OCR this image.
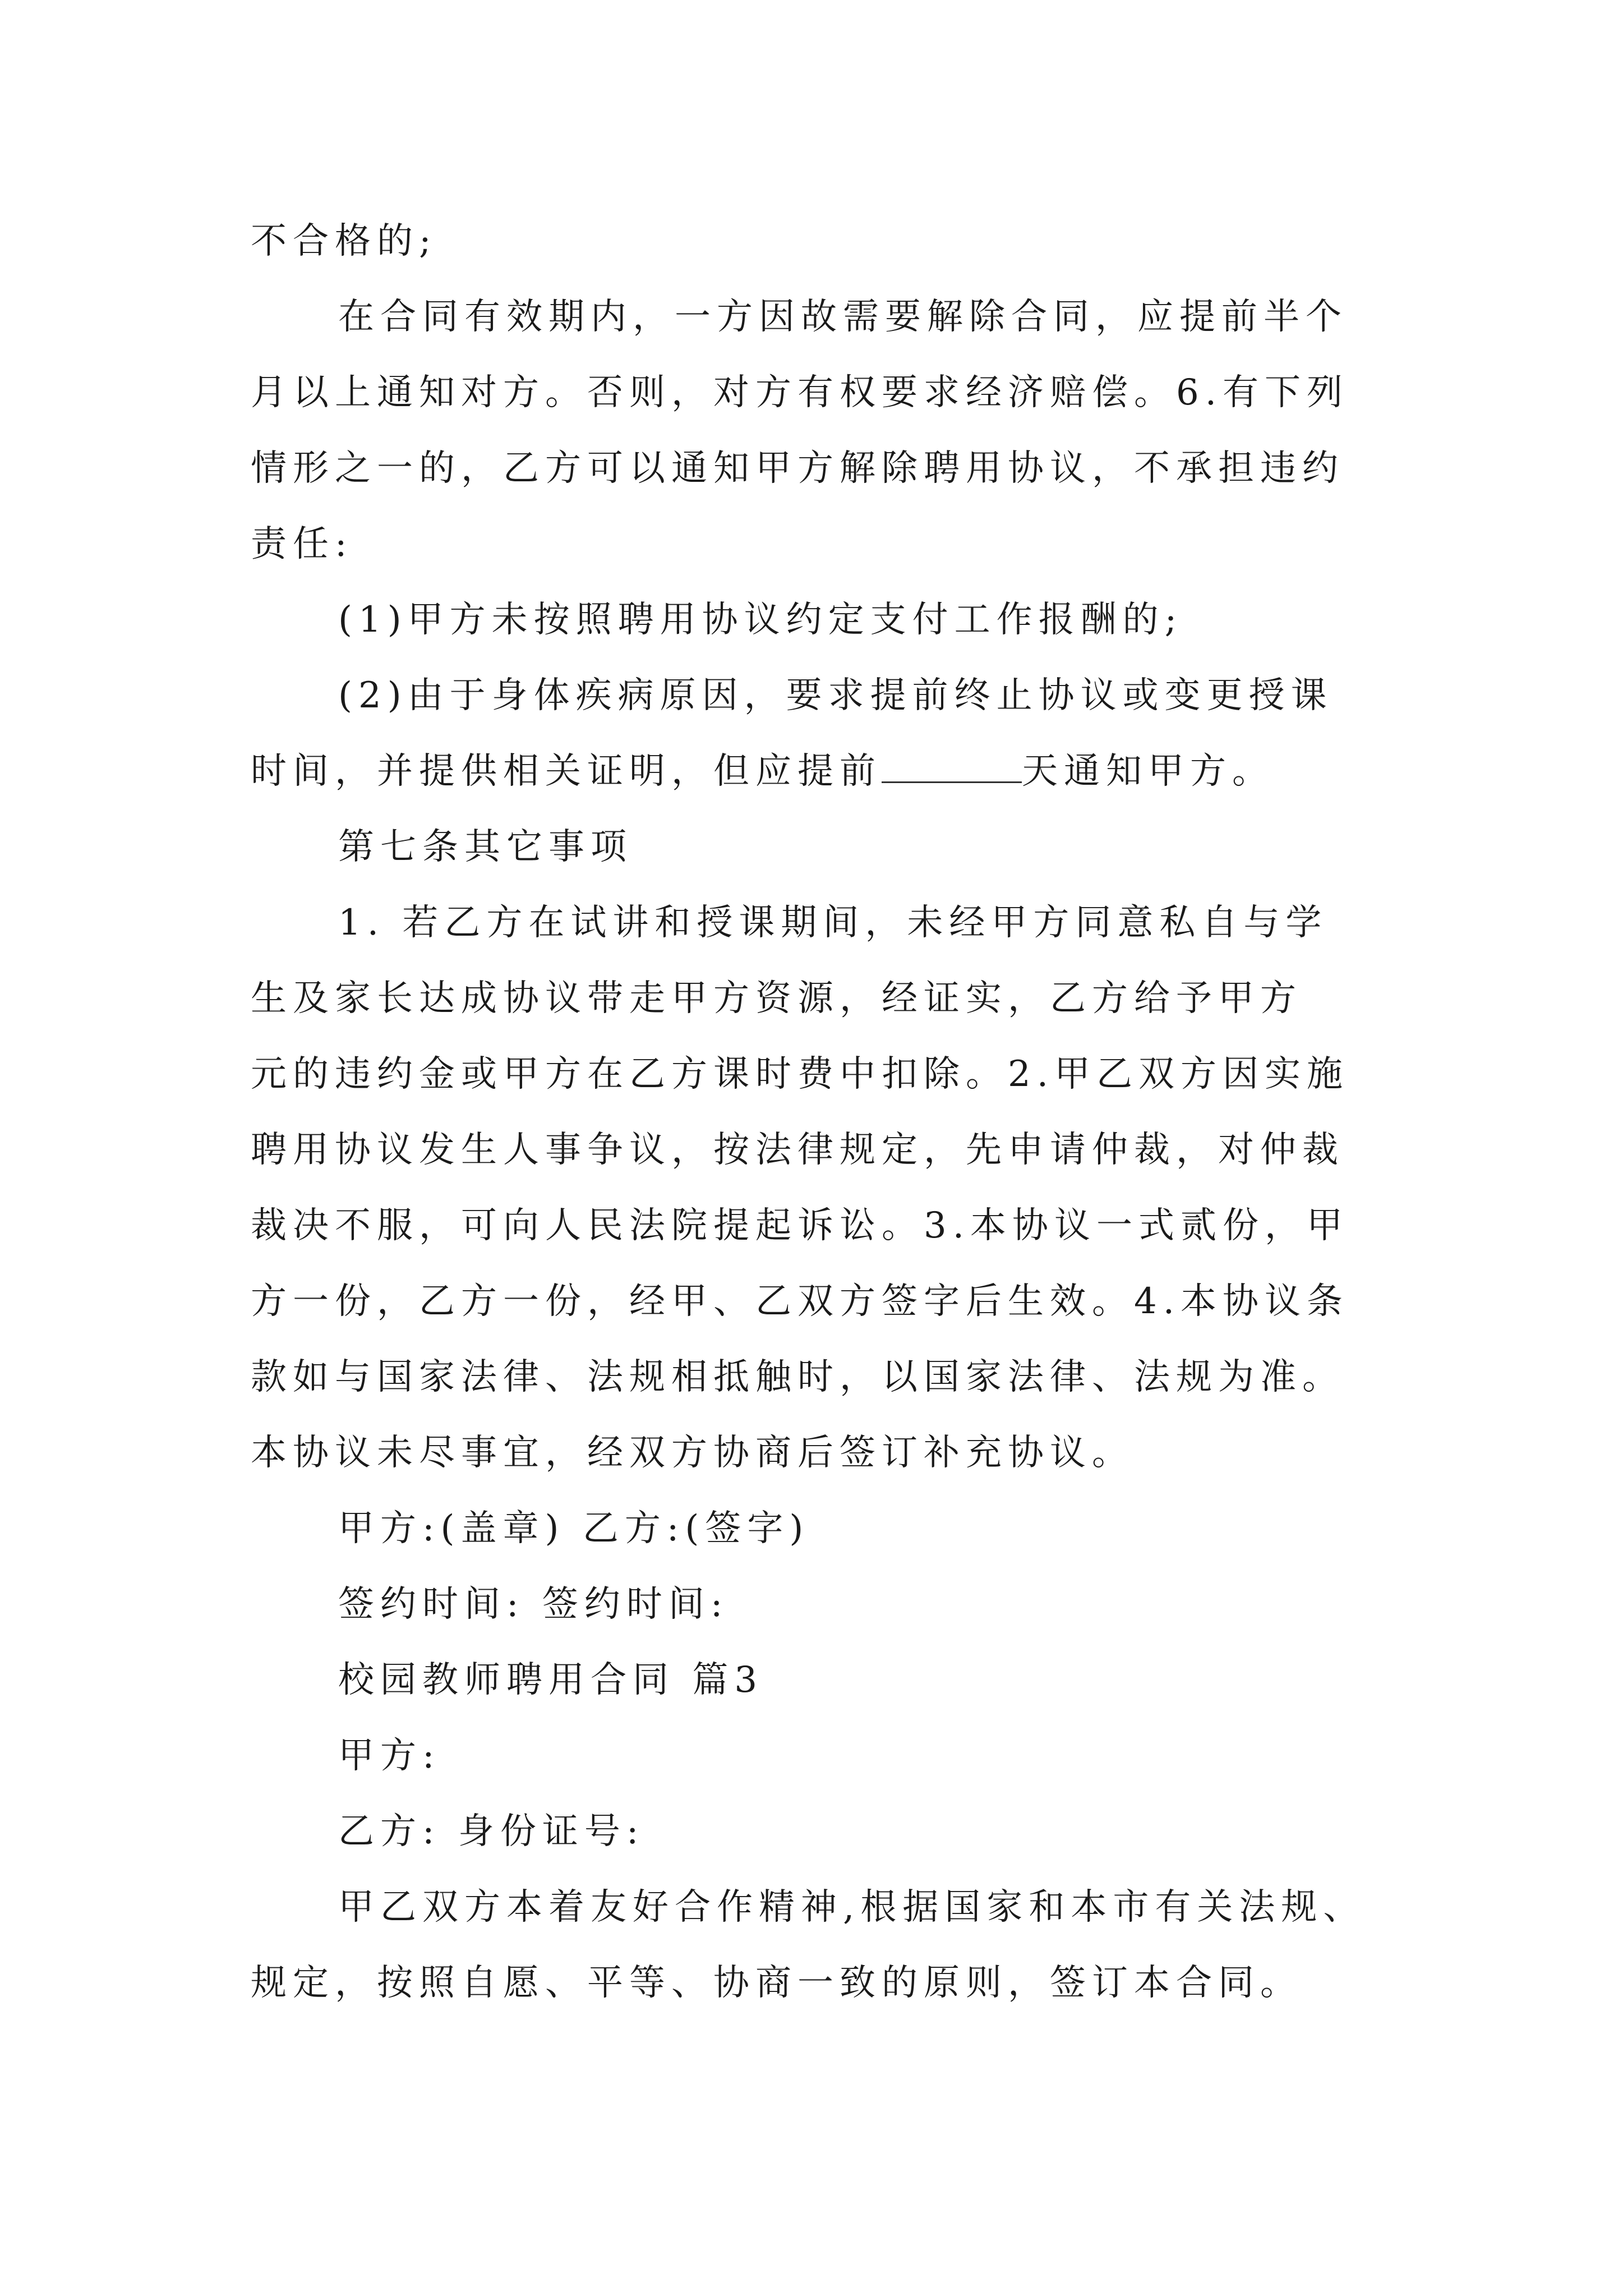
不合格的;
在合同有效期内，一方因故需要解除合同，应提前半个
月以上通知对方。否则，对方有权要求经济赔偿。6.有下列
情形之一的，乙方可以通知甲方解除聘用协议，不承担违约
责任:
(1)甲方未按照聘用协议约定支付工作报酬的;
(2)由于身体疾病原因，要求提前终止协议或变更授课
时间，并提供相关证明，但应提前	天通知甲方。
第七条其它事项
1. 若乙方在试讲和授课期间，未经甲方同意私自与学
生及家长达成协议带走甲方资源，经证实，乙方给予甲方
元的违约金或甲方在乙方课时费中扣除。2.甲乙双方因实施
聘用协议发生人事争议，按法律规定，先申请仲裁，对仲裁
裁决不服，可向人民法院提起诉讼。3.本协议一式贰份，甲
方一份，乙方一份，经甲、乙双方签字后生效。4.本协议条
款如与国家法律、法规相抵触时，以国家法律、法规为准。
本协议未尽事宜，经双方协商后签订补充协议。
甲方:(盖章) 乙方:(签字)
签约时间: 签约时间:
校园教师聘用合同 篇3
甲方:
乙方: 身份证号:
甲乙双方本着友好合作精神,根据国家和本市有关法规、
规定，按照自愿、平等、协商一致的原则，签订本合同。
